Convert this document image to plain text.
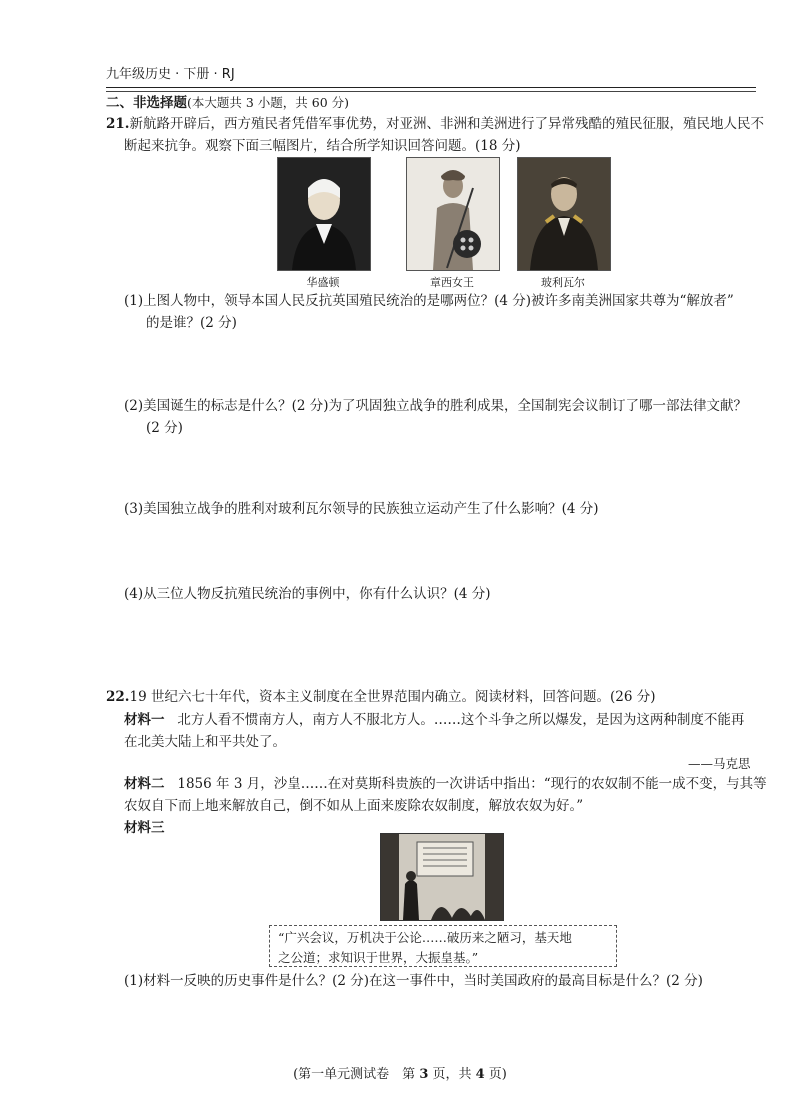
九年级历史 · 下册 · RJ
二、非选择题(本大题共 3 小题，共 60 分)
21.新航路开辟后，西方殖民者凭借军事优势，对亚洲、非洲和美洲进行了异常残酷的殖民征服，殖民地人民不
断起来抗争。观察下面三幅图片，结合所学知识回答问题。(18 分)
华盛顿	章西女王	玻利瓦尔
(1)上图人物中，领导本国人民反抗英国殖民统治的是哪两位？(4 分)被许多南美洲国家共尊为“解放者”
的是谁？(2 分)
(2)美国诞生的标志是什么？(2 分)为了巩固独立战争的胜利成果，全国制宪会议制订了哪一部法律文献？
(2 分)
(3)美国独立战争的胜利对玻利瓦尔领导的民族独立运动产生了什么影响？(4 分)
(4)从三位人物反抗殖民统治的事例中，你有什么认识？(4 分)
22.19 世纪六七十年代，资本主义制度在全世界范围内确立。阅读材料，回答问题。(26 分)
材料一 北方人看不惯南方人，南方人不服北方人。……这个斗争之所以爆发，是因为这两种制度不能再
在北美大陆上和平共处了。
——马克思
材料二 1856 年 3 月，沙皇……在对莫斯科贵族的一次讲话中指出：“现行的农奴制不能一成不变，与其等
农奴自下而上地来解放自己，倒不如从上面来废除农奴制度，解放农奴为好。”
材料三
“广兴会议，万机决于公论……破历来之陋习，基天地
之公道；求知识于世界，大振皇基。”
(1)材料一反映的历史事件是什么？(2 分)在这一事件中，当时美国政府的最高目标是什么？(2 分)
(第一单元测试卷　第 3 页，共 4 页)
